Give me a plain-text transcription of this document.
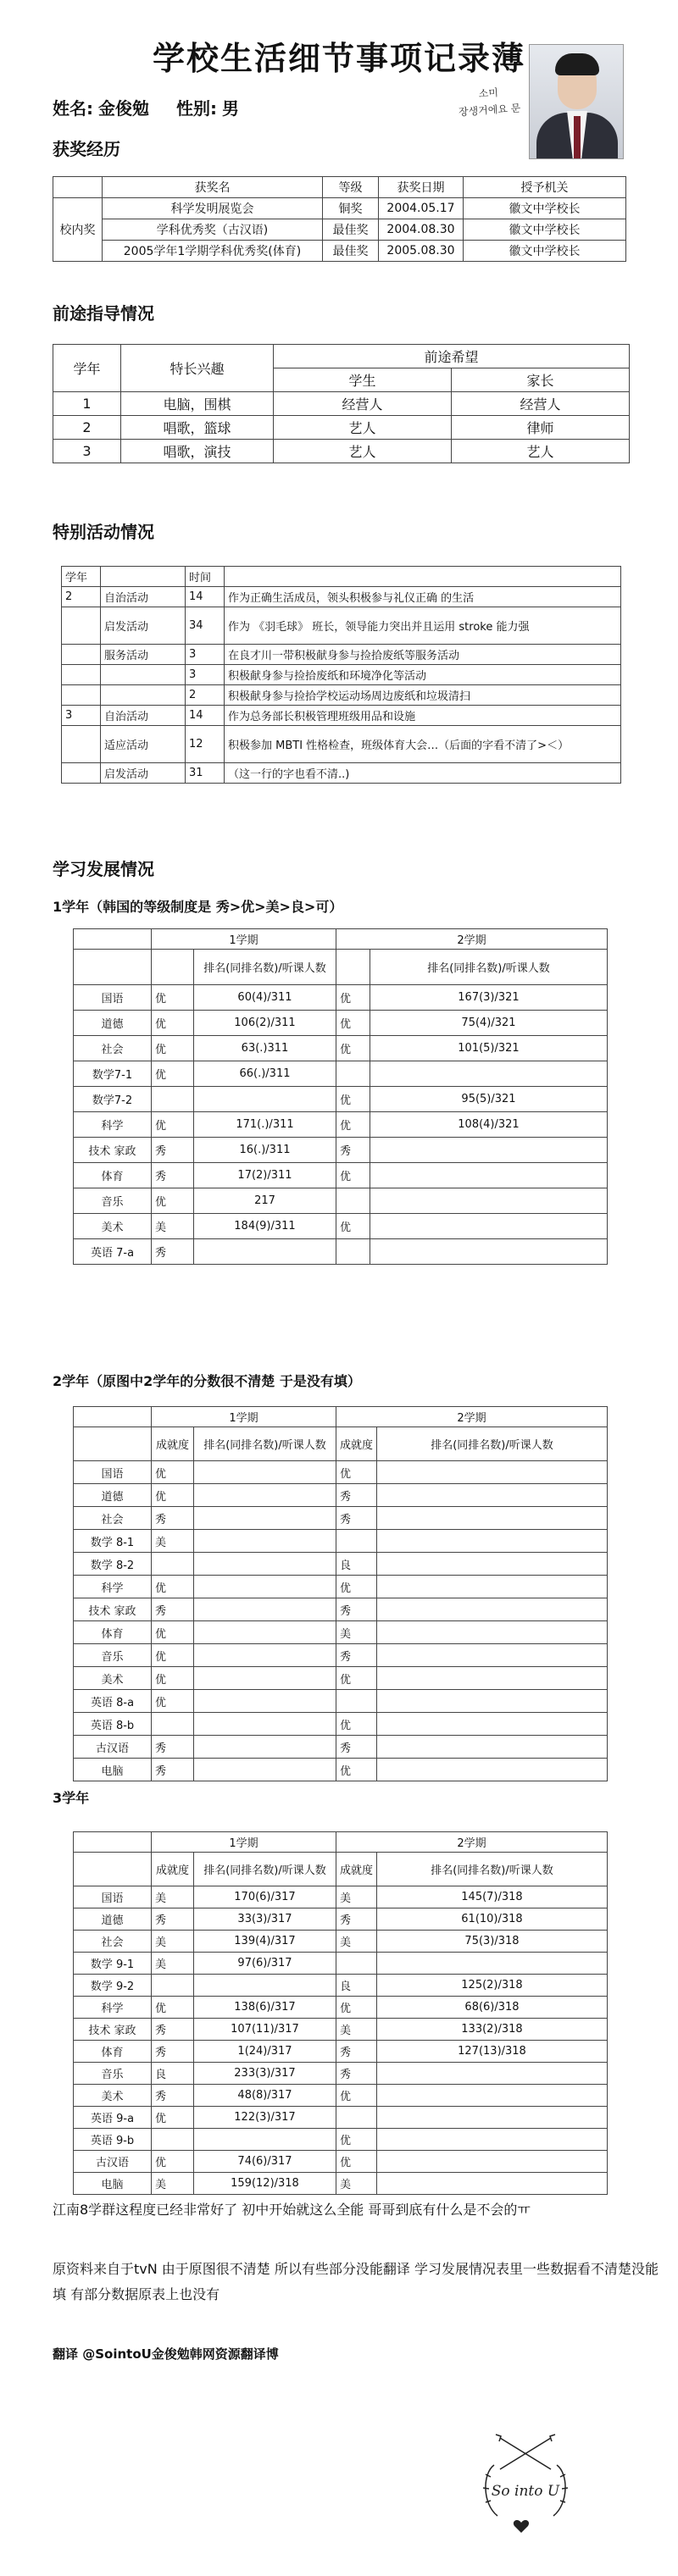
学校生活细节事项记录薄
姓名: 金俊勉 性别: 男
소미
장생거에요 문
获奖经历
	获奖名	等级	获奖日期	授予机关
校内奖	科学发明展览会	铜奖	2004.05.17	徽文中学校长
	学科优秀奖（古汉语)	最佳奖	2004.08.30	徽文中学校长
	2005学年1学期学科优秀奖(体育)	最佳奖	2005.08.30	徽文中学校长
前途指导情况
学年	特长兴趣	前途希望	
		学生	家长
1	电脑，围棋	经营人	经营人
2	唱歌，篮球	艺人	律师
3	唱歌，演技	艺人	艺人
特别活动情况
学年		时间	
2	自治活动	14	作为正确生活成员，领头积极参与礼仪正确 的生活
	启发活动	34	作为 《羽毛球》 班长，领导能力突出并且运用 stroke 能力强
	服务活动	3	在良才川一带积极献身参与捡拾废纸等服务活动
		3	积极献身参与捡拾废纸和环境净化等活动
		2	积极献身参与捡拾学校运动场周边废纸和垃圾清扫
3	自治活动	14	作为总务部长积极管理班级用品和设施
	适应活动	12	积极参加 MBTI 性格检查，班级体育大会…（后面的字看不清了>＜）
	启发活动	31	（这一行的字也看不清..)
学习发展情况
1学年（韩国的等级制度是 秀>优>美>良>可）
	1学期		2学期	
		排名(同排名数)/听课人数		排名(同排名数)/听课人数
国语	优	60(4)/311	优	167(3)/321
道德	优	106(2)/311	优	75(4)/321
社会	优	63(.)311	优	101(5)/321
数学7-1	优	66(.)/311		
数学7-2			优	95(5)/321
科学	优	171(.)/311	优	108(4)/321
技术 家政	秀	16(.)/311	秀	
体育	秀	17(2)/311	优	
音乐	优	217		
美术	美	184(9)/311	优	
英语 7-a	秀			
2学年（原图中2学年的分数很不清楚 于是没有填）
	1学期		2学期	
	成就度	排名(同排名数)/听课人数	成就度	排名(同排名数)/听课人数
国语	优		优	
道德	优		秀	
社会	秀		秀	
数学 8-1	美			
数学 8-2			良	
科学	优		优	
技术 家政	秀		秀	
体育	优		美	
音乐	优		秀	
美术	优		优	
英语 8-a	优			
英语 8-b			优	
古汉语	秀		秀	
电脑	秀		优	
3学年
	1学期		2学期	
	成就度	排名(同排名数)/听课人数	成就度	排名(同排名数)/听课人数
国语	美	170(6)/317	美	145(7)/318
道德	秀	33(3)/317	秀	61(10)/318
社会	美	139(4)/317	美	75(3)/318
数学 9-1	美	97(6)/317		
数学 9-2			良	125(2)/318
科学	优	138(6)/317	优	68(6)/318
技术 家政	秀	107(11)/317	美	133(2)/318
体育	秀	1(24)/317	秀	127(13)/318
音乐	良	233(3)/317	秀	
美术	秀	48(8)/317	优	
英语 9-a	优	122(3)/317		
英语 9-b			优	
古汉语	优	74(6)/317	优	
电脑	美	159(12)/318	美	
江南8学群这程度已经非常好了 初中开始就这么全能 哥哥到底有什么是不会的ㅠ
原资料来自于tvN 由于原图很不清楚 所以有些部分没能翻译 学习发展情况表里一些数据看不清楚没能填 有部分数据原表上也没有
翻译 @SointoU金俊勉韩网资源翻译博
So into U
